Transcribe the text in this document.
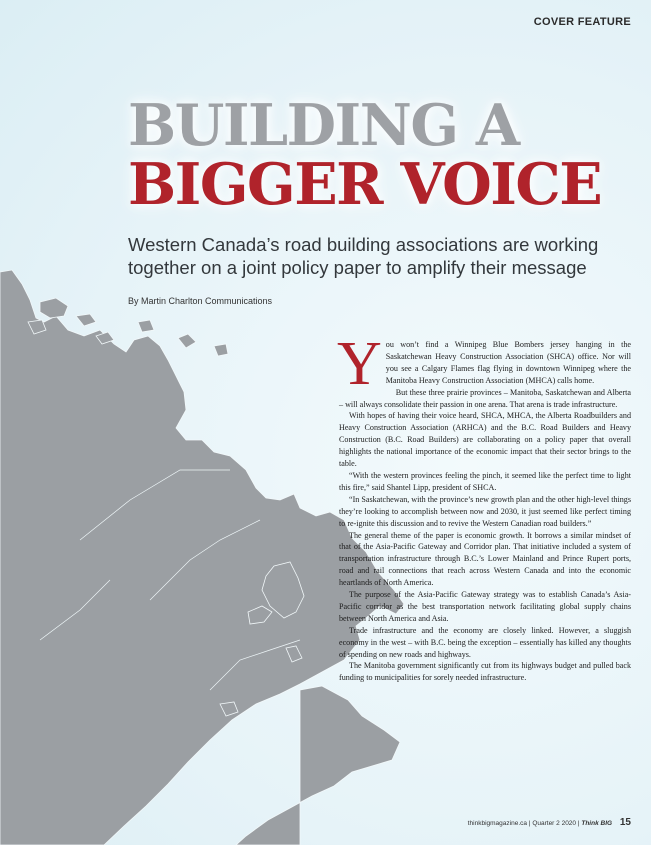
COVER FEATURE
BUILDING A
BIGGER VOICE

Western Canada’s road building associations are working together on a joint policy paper to amplify their message

By Martin Charlton Communications

You won’t find a Winnipeg Blue Bombers jersey hanging in the Saskatchewan Heavy Construction Association (SHCA) office. Nor will you see a Calgary Flames flag flying in downtown Winnipeg where the Manitoba Heavy Construction Association (MHCA) calls home.

But these three prairie provinces – Manitoba, Saskatchewan and Alberta – will always consolidate their passion in one arena. That arena is trade infrastructure.

With hopes of having their voice heard, SHCA, MHCA, the Alberta Roadbuilders and Heavy Construction Association (ARHCA) and the B.C. Road Builders and Heavy Construction (B.C. Road Builders) are collaborating on a policy paper that overall highlights the national importance of the economic impact that their sector brings to the table.

“With the western provinces feeling the pinch, it seemed like the perfect time to light this fire,” said Shantel Lipp, president of SHCA.

“In Saskatchewan, with the province’s new growth plan and the other high-level things they’re looking to accomplish between now and 2030, it just seemed like perfect timing to re-ignite this discussion and to revive the Western Canadian road builders.”

The general theme of the paper is economic growth. It borrows a similar mindset of that of the Asia-Pacific Gateway and Corridor plan. That initiative included a system of transportation infrastructure through B.C.’s Lower Mainland and Prince Rupert ports, road and rail connections that reach across Western Canada and into the economic heartlands of North America.

The purpose of the Asia-Pacific Gateway strategy was to establish Canada’s Asia-Pacific corridor as the best transportation network facilitating global supply chains between North America and Asia.

Trade infrastructure and the economy are closely linked. However, a sluggish economy in the west – with B.C. being the exception – essentially has killed any thoughts of spending on new roads and highways.

The Manitoba government significantly cut from its highways budget and pulled back funding to municipalities for sorely needed infrastructure.

thinkbigmagazine.ca | Quarter 2 2020 | Think BIG 15
